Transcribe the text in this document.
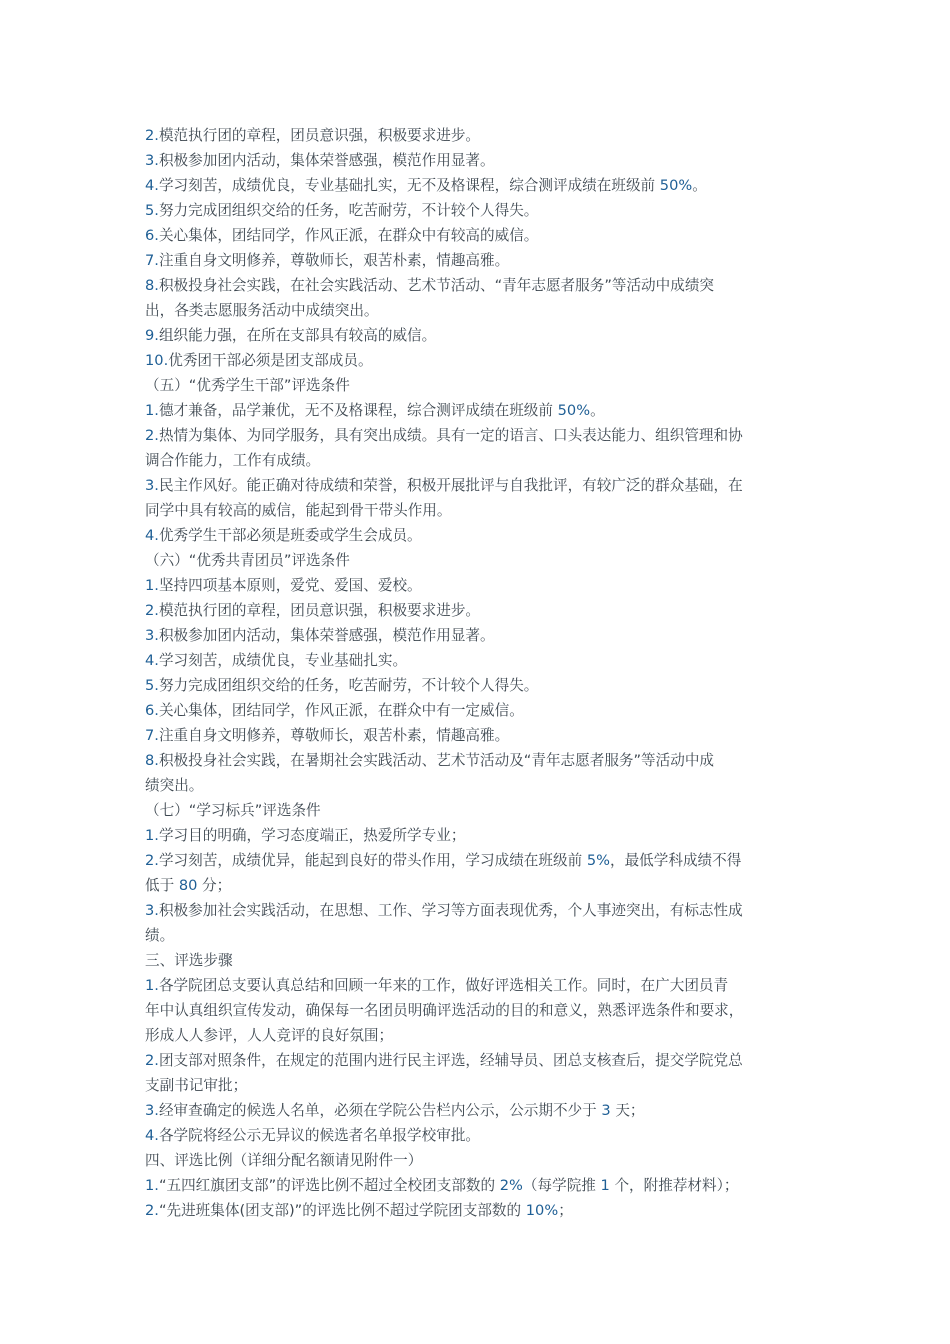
2.模范执行团的章程，团员意识强，积极要求进步。
3.积极参加团内活动，集体荣誉感强，模范作用显著。
4.学习刻苦，成绩优良，专业基础扎实，无不及格课程，综合测评成绩在班级前 50%。
5.努力完成团组织交给的任务，吃苦耐劳，不计较个人得失。
6.关心集体，团结同学，作风正派，在群众中有较高的威信。
7.注重自身文明修养，尊敬师长，艰苦朴素，情趣高雅。
8.积极投身社会实践，在社会实践活动、艺术节活动、“青年志愿者服务”等活动中成绩突
出，各类志愿服务活动中成绩突出。
9.组织能力强，在所在支部具有较高的威信。
10.优秀团干部必须是团支部成员。
（五）“优秀学生干部”评选条件
1.德才兼备，品学兼优，无不及格课程，综合测评成绩在班级前 50%。
2.热情为集体、为同学服务，具有突出成绩。具有一定的语言、口头表达能力、组织管理和协
调合作能力，工作有成绩。
3.民主作风好。能正确对待成绩和荣誉，积极开展批评与自我批评，有较广泛的群众基础，在
同学中具有较高的威信，能起到骨干带头作用。
4.优秀学生干部必须是班委或学生会成员。
（六）“优秀共青团员”评选条件
1.坚持四项基本原则，爱党、爱国、爱校。
2.模范执行团的章程，团员意识强，积极要求进步。
3.积极参加团内活动，集体荣誉感强，模范作用显著。
4.学习刻苦，成绩优良，专业基础扎实。
5.努力完成团组织交给的任务，吃苦耐劳，不计较个人得失。
6.关心集体，团结同学，作风正派，在群众中有一定威信。
7.注重自身文明修养，尊敬师长，艰苦朴素，情趣高雅。
8.积极投身社会实践，在暑期社会实践活动、艺术节活动及“青年志愿者服务”等活动中成
绩突出。
（七）“学习标兵”评选条件
1.学习目的明确，学习态度端正，热爱所学专业；
2.学习刻苦，成绩优异，能起到良好的带头作用，学习成绩在班级前 5%，最低学科成绩不得
低于 80 分；
3.积极参加社会实践活动，在思想、工作、学习等方面表现优秀，个人事迹突出，有标志性成
绩。
三、评选步骤
1.各学院团总支要认真总结和回顾一年来的工作，做好评选相关工作。同时，在广大团员青
年中认真组织宣传发动，确保每一名团员明确评选活动的目的和意义，熟悉评选条件和要求，
形成人人参评，人人竞评的良好氛围；
2.团支部对照条件，在规定的范围内进行民主评选，经辅导员、团总支核查后，提交学院党总
支副书记审批；
3.经审查确定的候选人名单，必须在学院公告栏内公示，公示期不少于 3 天；
4.各学院将经公示无异议的候选者名单报学校审批。
四、评选比例（详细分配名额请见附件一）
1.“五四红旗团支部”的评选比例不超过全校团支部数的 2%（每学院推 1 个，附推荐材料）；
2.“先进班集体(团支部)”的评选比例不超过学院团支部数的 10%；
